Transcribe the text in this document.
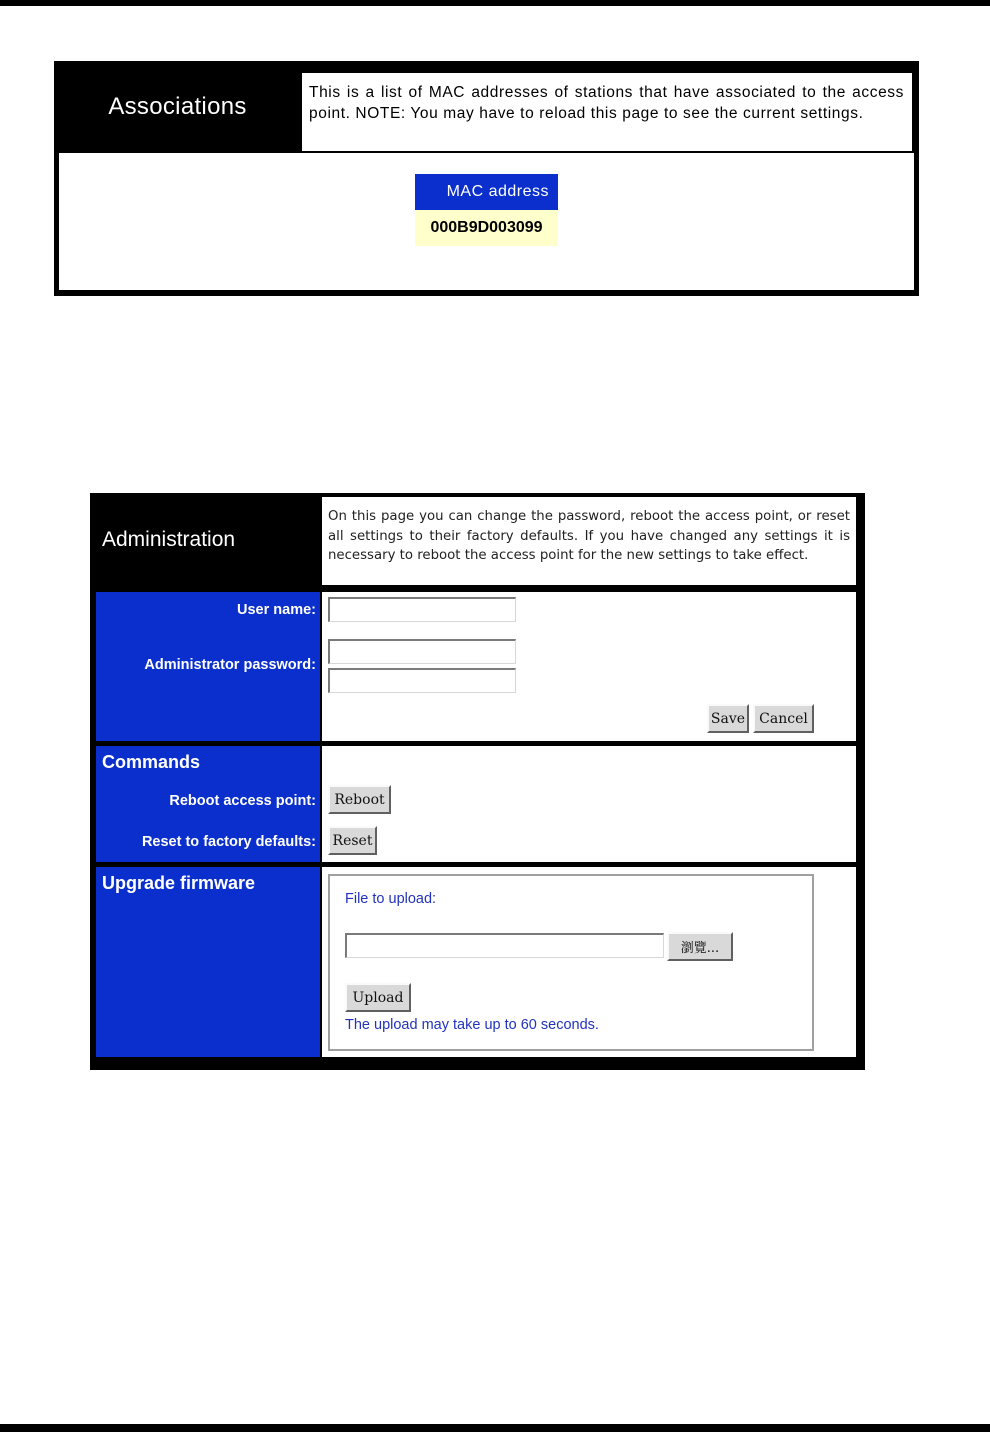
Associations
This is a list of MAC addresses of stations that have associated to the access point. NOTE: You may have to reload this page to see the current settings.
MAC address
000B9D003099
Administration
On this page you can change the password, reboot the access point, or reset all settings to their factory defaults. If you have changed any settings it is necessary to reboot the access point for the new settings to take effect.
User name:
Administrator password:
Save	Cancel
Commands
Reboot access point:
Reset to factory defaults:
Reboot
Reset
Upgrade firmware
File to upload:
瀏覽...
Upload
The upload may take up to 60 seconds.
